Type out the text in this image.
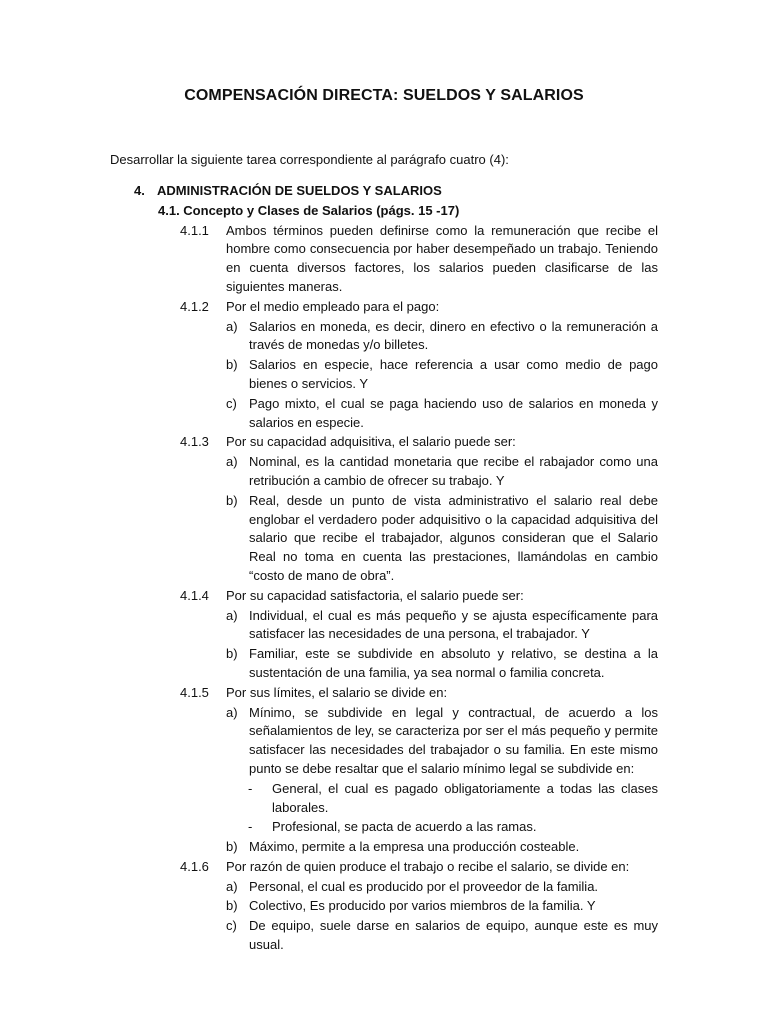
COMPENSACIÓN DIRECTA: SUELDOS Y SALARIOS
Desarrollar la siguiente tarea correspondiente al parágrafo cuatro (4):
4. ADMINISTRACIÓN DE SUELDOS Y SALARIOS
4.1. Concepto y Clases de Salarios (págs. 15 -17)
4.1.1 Ambos términos pueden definirse como la remuneración que recibe el hombre como consecuencia por haber desempeñado un trabajo. Teniendo en cuenta diversos factores, los salarios pueden clasificarse de las siguientes maneras.
4.1.2 Por el medio empleado para el pago:
a) Salarios en moneda, es decir, dinero en efectivo o la remuneración a través de monedas y/o billetes.
b) Salarios en especie, hace referencia a usar como medio de pago bienes o servicios. Y
c) Pago mixto, el cual se paga haciendo uso de salarios en moneda y salarios en especie.
4.1.3 Por su capacidad adquisitiva, el salario puede ser:
a) Nominal, es la cantidad monetaria que recibe el rabajador como una retribución a cambio de ofrecer su trabajo. Y
b) Real, desde un punto de vista administrativo el salario real debe englobar el verdadero poder adquisitivo o la capacidad adquisitiva del salario que recibe el trabajador, algunos consideran que el Salario Real no toma en cuenta las prestaciones, llamándolas en cambio “costo de mano de obra”.
4.1.4 Por su capacidad satisfactoria, el salario puede ser:
a) Individual, el cual es más pequeño y se ajusta específicamente para satisfacer las necesidades de una persona, el trabajador. Y
b) Familiar, este se subdivide en absoluto y relativo, se destina a la sustentación de una familia, ya sea normal o familia concreta.
4.1.5 Por sus límites, el salario se divide en:
a) Mínimo, se subdivide en legal y contractual, de acuerdo a los señalamientos de ley, se caracteriza por ser el más pequeño y permite satisfacer las necesidades del trabajador o su familia. En este mismo punto se debe resaltar que el salario mínimo legal se subdivide en:
- General, el cual es pagado obligatoriamente a todas las clases laborales.
- Profesional, se pacta de acuerdo a las ramas.
b) Máximo, permite a la empresa una producción costeable.
4.1.6 Por razón de quien produce el trabajo o recibe el salario, se divide en:
a) Personal, el cual es producido por el proveedor de la familia.
b) Colectivo, Es producido por varios miembros de la familia. Y
c) De equipo, suele darse en salarios de equipo, aunque este es muy usual.
